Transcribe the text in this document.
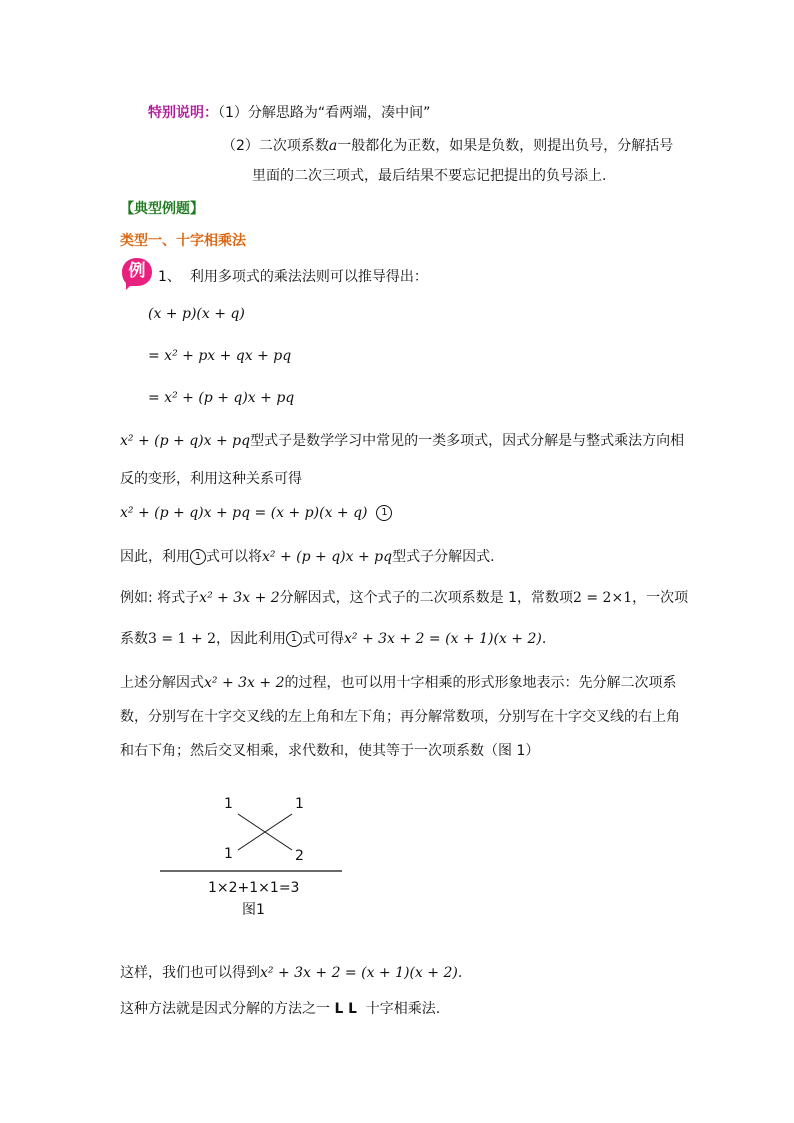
特别说明：（1）分解思路为“看两端，凑中间”
（2）二次项系数a一般都化为正数，如果是负数，则提出负号，分解括号
里面的二次三项式，最后结果不要忘记把提出的负号添上.
【典型例题】
类型一、十字相乘法
例 1、 利用多项式的乘法法则可以推导得出：
(x + p)(x + q)
= x² + px + qx + pq
= x² + (p + q)x + pq
x² + (p + q)x + pq型式子是数学学习中常见的一类多项式，因式分解是与整式乘法方向相
反的变形，利用这种关系可得
x² + (p + q)x + pq = (x + p)(x + q) 1
因此，利用 1 式可以将x² + (p + q)x + pq型式子分解因式.
例如: 将式子x² + 3x + 2分解因式，这个式子的二次项系数是 1，常数项2 = 2×1，一次项
系数3 = 1 + 2，因此利用 1 式可得x² + 3x + 2 = (x + 1)(x + 2).
上述分解因式x² + 3x + 2的过程，也可以用十字相乘的形式形象地表示：先分解二次项系
数，分别写在十字交叉线的左上角和左下角；再分解常数项，分别写在十字交叉线的右上角
和右下角；然后交叉相乘，求代数和，使其等于一次项系数（图 1）
1	1
1	2
1×2+1×1=3
图1
这样，我们也可以得到x² + 3x + 2 = (x + 1)(x + 2).
这种方法就是因式分解的方法之一 ᒪ ᒪ 十字相乘法.
